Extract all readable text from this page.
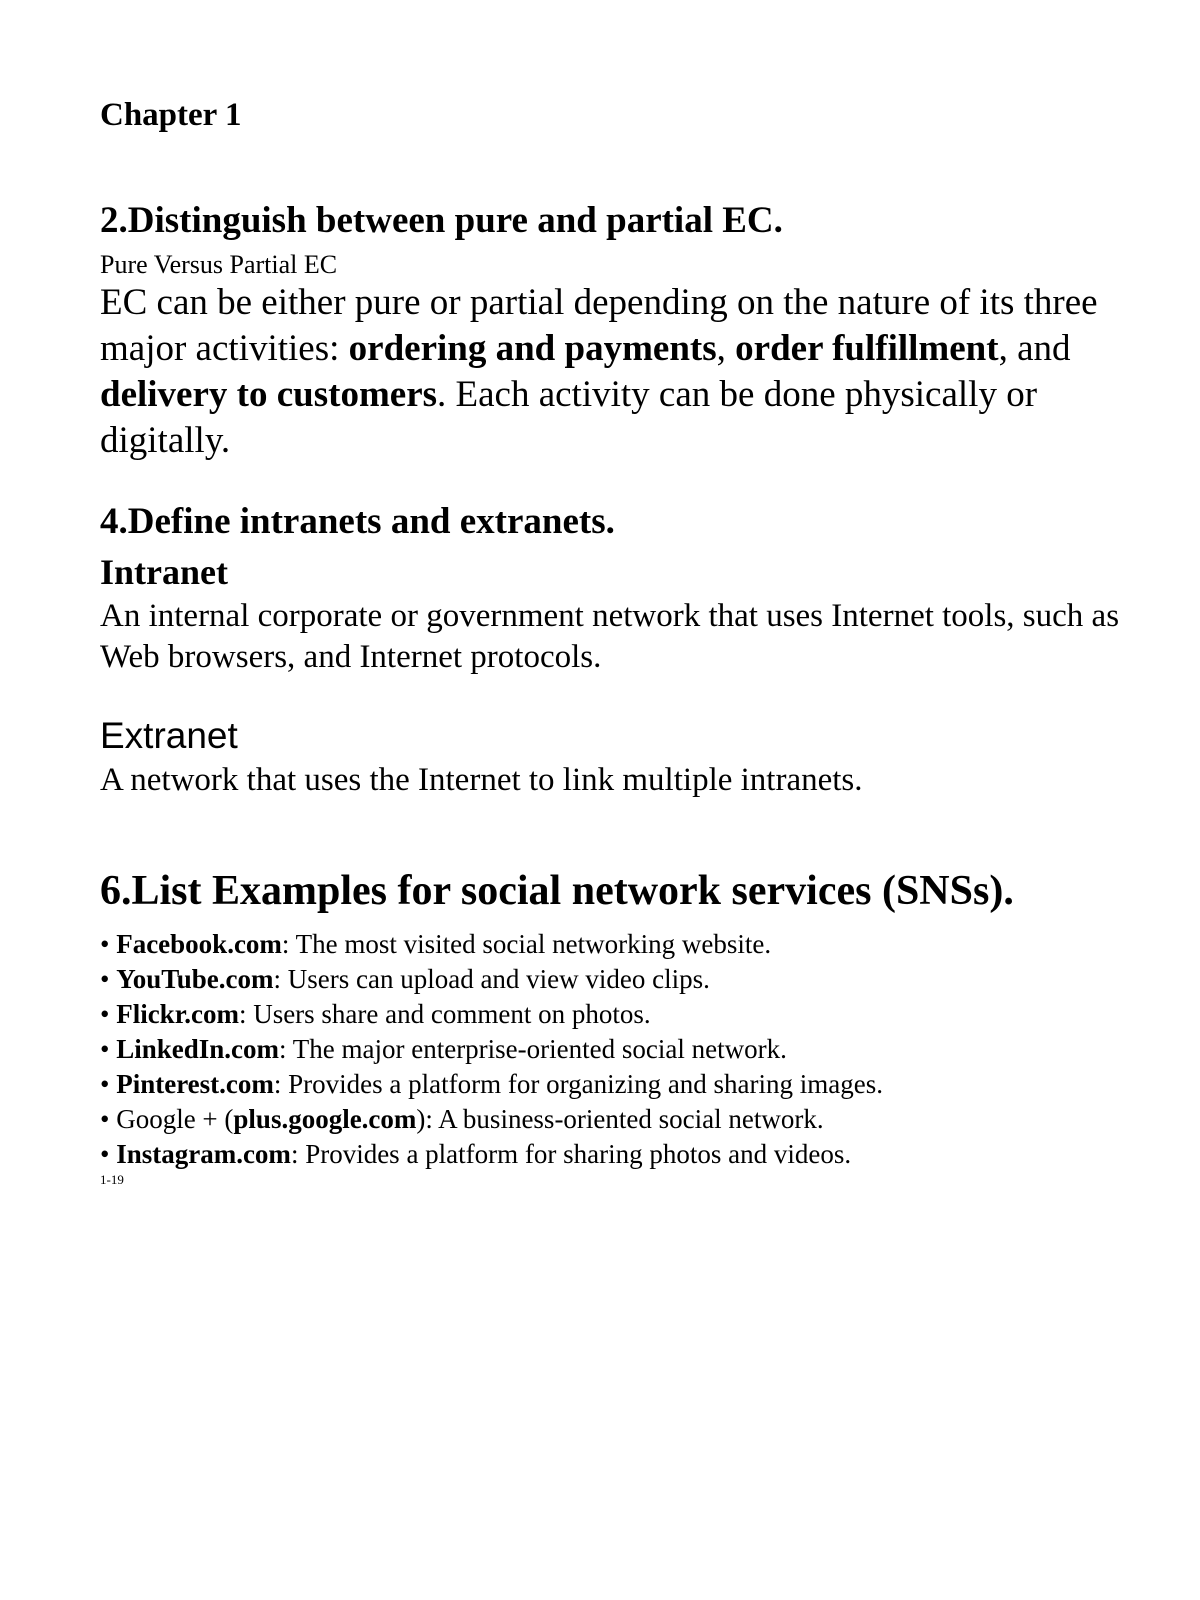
Chapter 1

2.Distinguish between pure and partial EC.

Pure Versus Partial EC

EC can be either pure or partial depending on the nature of its three major activities: ordering and payments, order fulfillment, and delivery to customers. Each activity can be done physically or digitally.

4.Define intranets and extranets.

Intranet

An internal corporate or government network that uses Internet tools, such as Web browsers, and Internet protocols.

Extranet

A network that uses the Internet to link multiple intranets.

6.List Examples for social network services (SNSs).

• Facebook.com: The most visited social networking website.
• YouTube.com: Users can upload and view video clips.
• Flickr.com: Users share and comment on photos.
• LinkedIn.com: The major enterprise-oriented social network.
• Pinterest.com: Provides a platform for organizing and sharing images.
• Google + (plus.google.com): A business-oriented social network.
• Instagram.com: Provides a platform for sharing photos and videos.

1-19
